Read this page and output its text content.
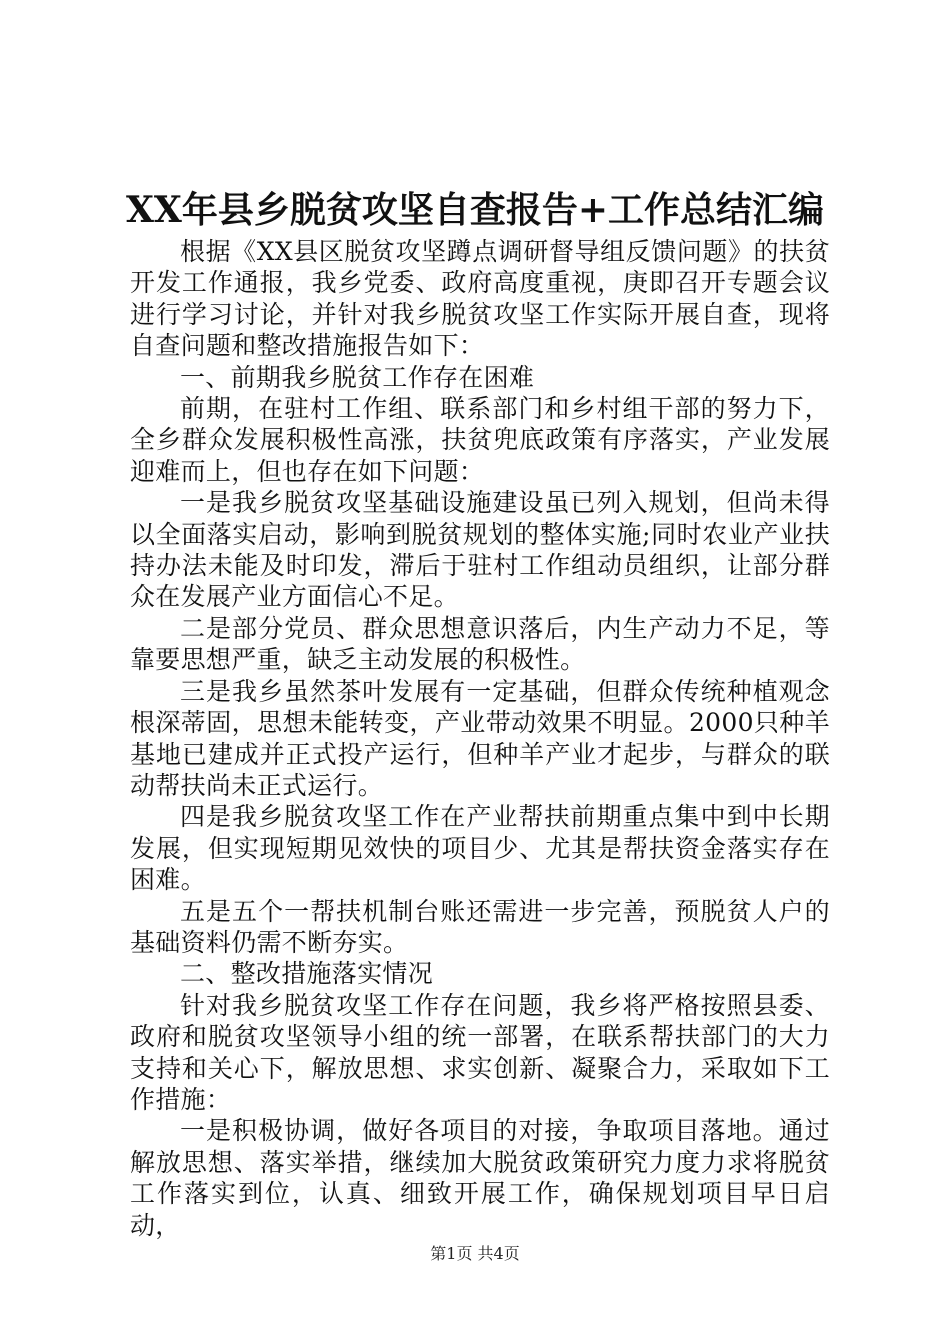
XX年县乡脱贫攻坚自查报告+工作总结汇编

根据《XX县区脱贫攻坚蹲点调研督导组反馈问题》的扶贫开发工作通报，我乡党委、政府高度重视，庚即召开专题会议进行学习讨论，并针对我乡脱贫攻坚工作实际开展自查，现将自查问题和整改措施报告如下：

一、前期我乡脱贫工作存在困难

前期，在驻村工作组、联系部门和乡村组干部的努力下，全乡群众发展积极性高涨，扶贫兜底政策有序落实，产业发展迎难而上，但也存在如下问题：

一是我乡脱贫攻坚基础设施建设虽已列入规划，但尚未得以全面落实启动，影响到脱贫规划的整体实施;同时农业产业扶持办法未能及时印发，滞后于驻村工作组动员组织，让部分群众在发展产业方面信心不足。

二是部分党员、群众思想意识落后，内生产动力不足，等靠要思想严重，缺乏主动发展的积极性。

三是我乡虽然茶叶发展有一定基础，但群众传统种植观念根深蒂固，思想未能转变，产业带动效果不明显。2000只种羊基地已建成并正式投产运行，但种羊产业才起步，与群众的联动帮扶尚未正式运行。

四是我乡脱贫攻坚工作在产业帮扶前期重点集中到中长期发展，但实现短期见效快的项目少、尤其是帮扶资金落实存在困难。

五是五个一帮扶机制台账还需进一步完善，预脱贫人户的基础资料仍需不断夯实。

二、整改措施落实情况

针对我乡脱贫攻坚工作存在问题，我乡将严格按照县委、政府和脱贫攻坚领导小组的统一部署，在联系帮扶部门的大力支持和关心下，解放思想、求实创新、凝聚合力，采取如下工作措施：

一是积极协调，做好各项目的对接，争取项目落地。通过解放思想、落实举措，继续加大脱贫政策研究力度力求将脱贫工作落实到位，认真、细致开展工作，确保规划项目早日启动，

第1页 共4页
